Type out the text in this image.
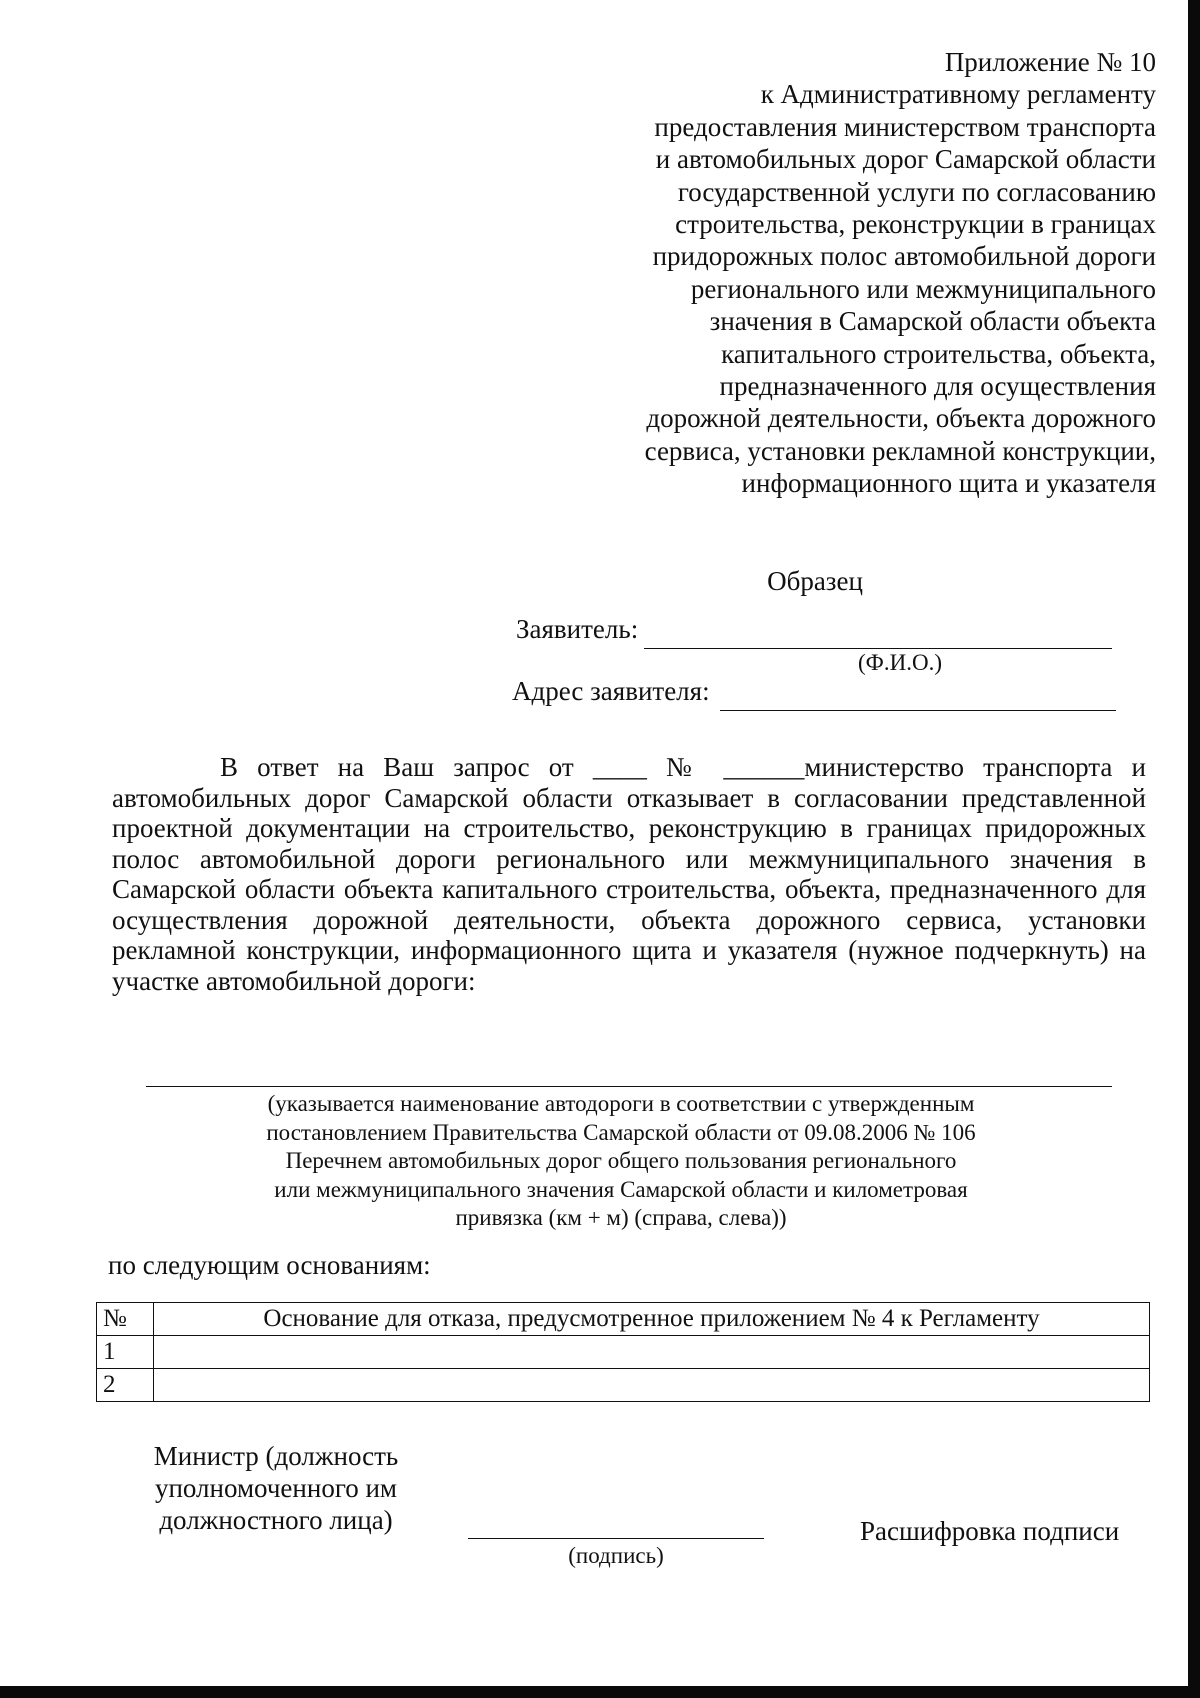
Приложение № 10
к Административному регламенту
предоставления министерством транспорта
и автомобильных дорог Самарской области
государственной услуги по согласованию
строительства, реконструкции в границах
придорожных полос автомобильной дороги
регионального или межмуниципального
значения в Самарской области объекта
капитального строительства, объекта,
предназначенного для осуществления
дорожной деятельности, объекта дорожного
сервиса, установки рекламной конструкции,
информационного щита и указателя
Образец
Заявитель:
(Ф.И.О.)
Адрес заявителя:

В ответ на Ваш запрос от ____ № ______министерство транспорта и автомобильных дорог Самарской области отказывает в согласовании представленной проектной документации на строительство, реконструкцию в границах придорожных полос автомобильной дороги регионального или межмуниципального значения в Самарской области объекта капитального строительства, объекта, предназначенного для осуществления дорожной деятельности, объекта дорожного сервиса, установки рекламной конструкции, информационного щита и указателя (нужное подчеркнуть) на участке автомобильной дороги:

(указывается наименование автодороги в соответствии с утвержденным
постановлением Правительства Самарской области от 09.08.2006 № 106
Перечнем автомобильных дорог общего пользования регионального
или межмуниципального значения Самарской области и километровая
привязка (км + м) (справа, слева))
по следующим основаниям:
№	Основание для отказа, предусмотренное приложением № 4 к Регламенту
1	
2	
Министр (должность
уполномоченного им
должностного лица)
(подпись)
Расшифровка подписи
